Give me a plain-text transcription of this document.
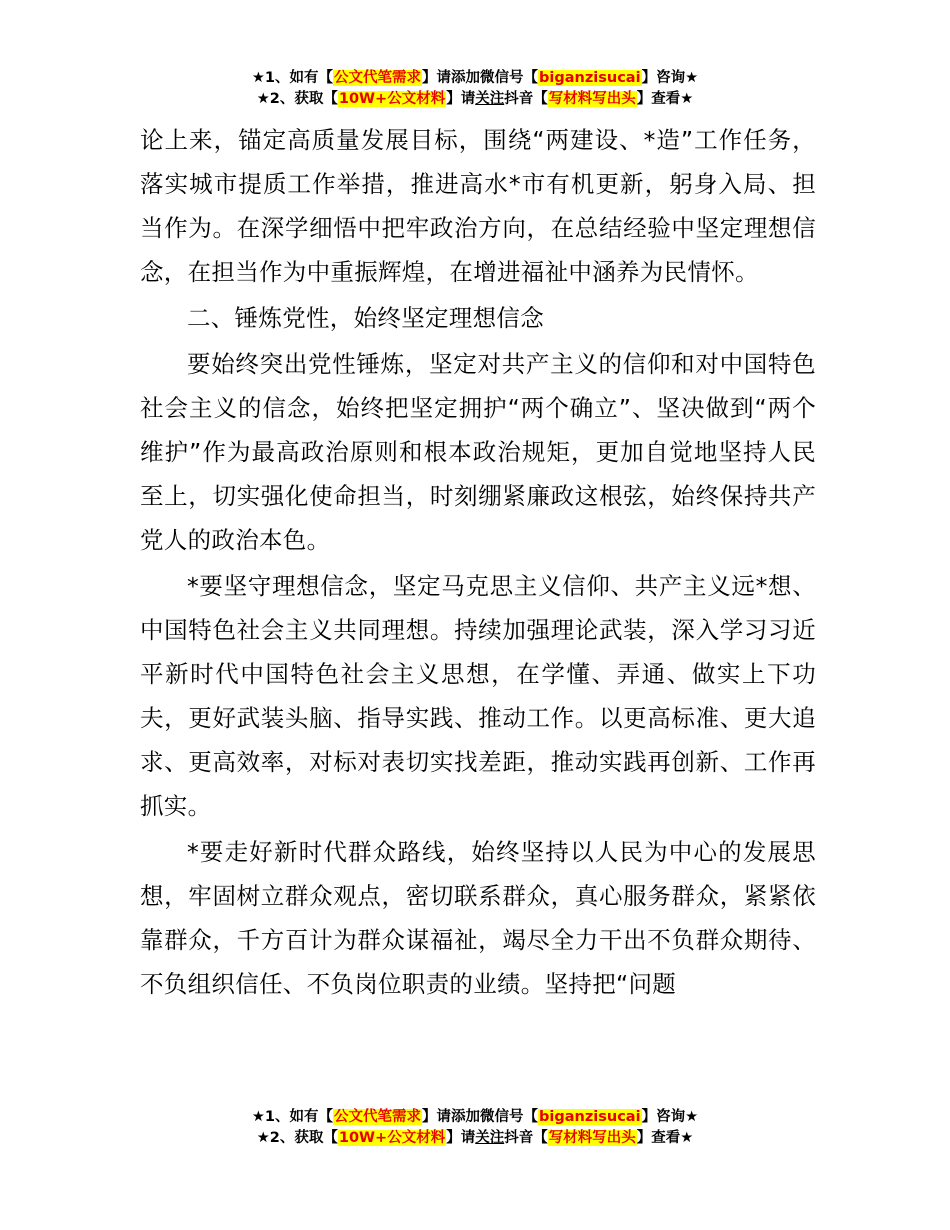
★1、如有【公文代笔需求】请添加微信号【biganzisucai】咨询★
★2、获取【10W+公文材料】请关注抖音【写材料写出头】查看★

论上来，锚定高质量发展目标，围绕“两建设、*造”工作任务，落实城市提质工作举措，推进高水*市有机更新，躬身入局、担当作为。在深学细悟中把牢政治方向，在总结经验中坚定理想信念，在担当作为中重振辉煌，在增进福祉中涵养为民情怀。

二、锤炼党性，始终坚定理想信念

要始终突出党性锤炼，坚定对共产主义的信仰和对中国特色社会主义的信念，始终把坚定拥护“两个确立”、坚决做到“两个维护”作为最高政治原则和根本政治规矩，更加自觉地坚持人民至上，切实强化使命担当，时刻绷紧廉政这根弦，始终保持共产党人的政治本色。

*要坚守理想信念，坚定马克思主义信仰、共产主义远*想、中国特色社会主义共同理想。持续加强理论武装，深入学习习近平新时代中国特色社会主义思想，在学懂、弄通、做实上下功夫，更好武装头脑、指导实践、推动工作。以更高标准、更大追求、更高效率，对标对表切实找差距，推动实践再创新、工作再抓实。

*要走好新时代群众路线，始终坚持以人民为中心的发展思想，牢固树立群众观点，密切联系群众，真心服务群众，紧紧依靠群众，千方百计为群众谋福祉，竭尽全力干出不负群众期待、不负组织信任、不负岗位职责的业绩。坚持把“问题

★1、如有【公文代笔需求】请添加微信号【biganzisucai】咨询★
★2、获取【10W+公文材料】请关注抖音【写材料写出头】查看★
